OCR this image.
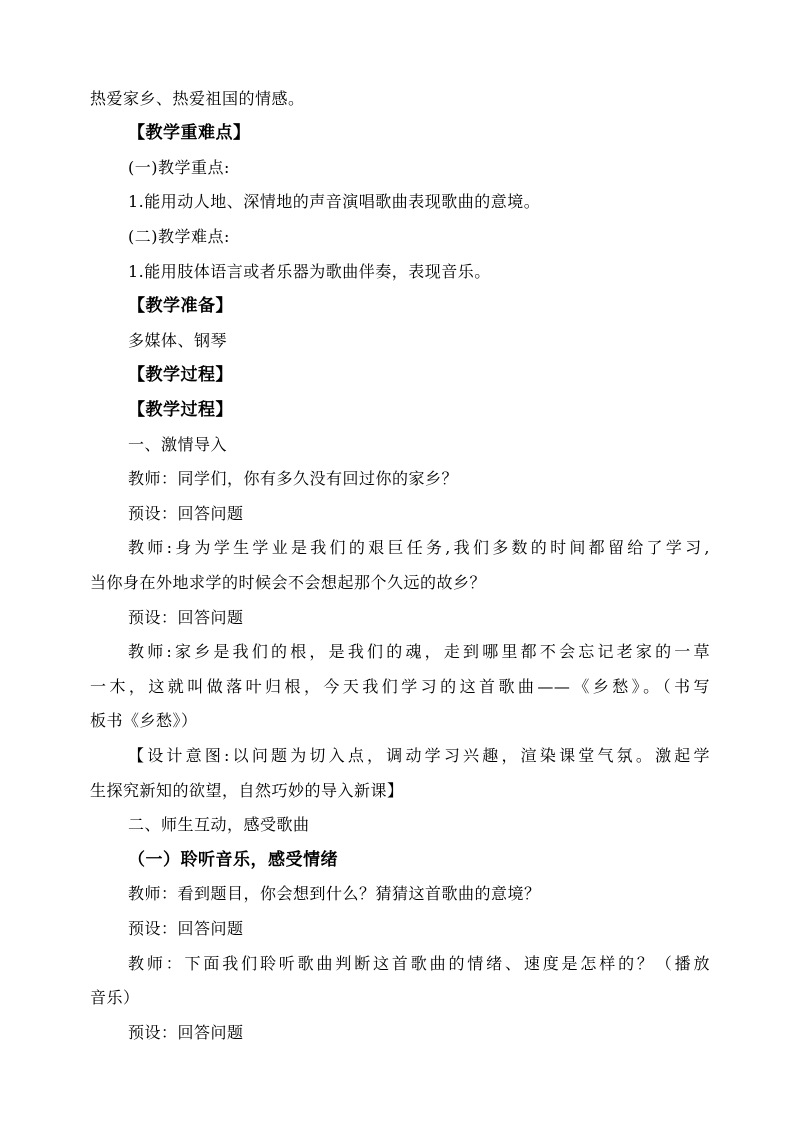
热爱家乡、热爱祖国的情感。
【教学重难点】
(一)教学重点:
1.能用动人地、深情地的声音演唱歌曲表现歌曲的意境。
(二)教学难点:
1.能用肢体语言或者乐器为歌曲伴奏，表现音乐。
【教学准备】
多媒体、钢琴
【教学过程】
【教学过程】
一、激情导入
教师：同学们，你有多久没有回过你的家乡？
预设：回答问题
教师:身为学生学业是我们的艰巨任务,我们多数的时间都留给了学习,
当你身在外地求学的时候会不会想起那个久远的故乡？
预设：回答问题
教师:家乡是我们的根，是我们的魂，走到哪里都不会忘记老家的一草
一木，这就叫做落叶归根，今天我们学习的这首歌曲——《乡愁》。（书写
板书《乡愁》）
【设计意图:以问题为切入点，调动学习兴趣，渲染课堂气氛。激起学
生探究新知的欲望，自然巧妙的导入新课】
二、师生互动，感受歌曲
（一）聆听音乐，感受情绪
教师：看到题目，你会想到什么？猜猜这首歌曲的意境？
预设：回答问题
教师：下面我们聆听歌曲判断这首歌曲的情绪、速度是怎样的？（播放
音乐）
预设：回答问题
